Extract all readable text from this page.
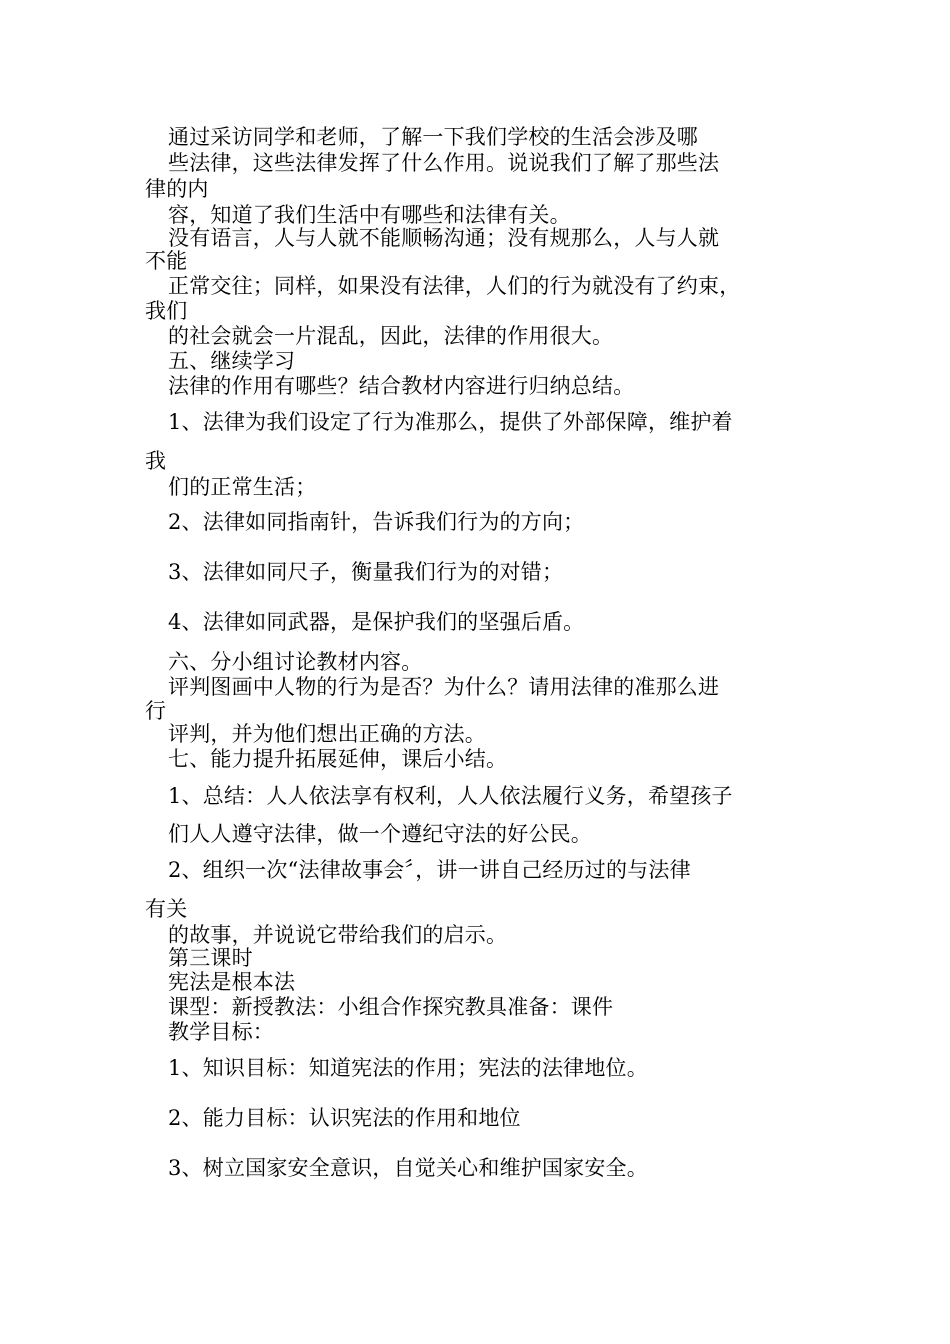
通过采访同学和老师，了解一下我们学校的生活会涉及哪
些法律，这些法律发挥了什么作用。说说我们了解了那些法
律的内
容，知道了我们生活中有哪些和法律有关。
没有语言，人与人就不能顺畅沟通；没有规那么，人与人就
不能
正常交往；同样，如果没有法律，人们的行为就没有了约束，
我们
的社会就会一片混乱，因此，法律的作用很大。
五、继续学习
法律的作用有哪些？结合教材内容进行归纳总结。
1、法律为我们设定了行为准那么，提供了外部保障，维护着
我
们的正常生活；
2、法律如同指南针，告诉我们行为的方向；
3、法律如同尺子，衡量我们行为的对错；
4、法律如同武器，是保护我们的坚强后盾。
六、分小组讨论教材内容。
评判图画中人物的行为是否？为什么？请用法律的准那么进
行
评判，并为他们想出正确的方法。
七、能力提升拓展延伸，课后小结。
1、总结：人人依法享有权利，人人依法履行义务，希望孩子
们人人遵守法律，做一个遵纪守法的好公民。
2、组织一次“法律故事会〞，讲一讲自己经历过的与法律
有关
的故事，并说说它带给我们的启示。
第三课时
宪法是根本法
课型：新授教法：小组合作探究教具准备：课件
教学目标：
1、知识目标：知道宪法的作用；宪法的法律地位。
2、能力目标：认识宪法的作用和地位
3、树立国家安全意识，自觉关心和维护国家安全。
